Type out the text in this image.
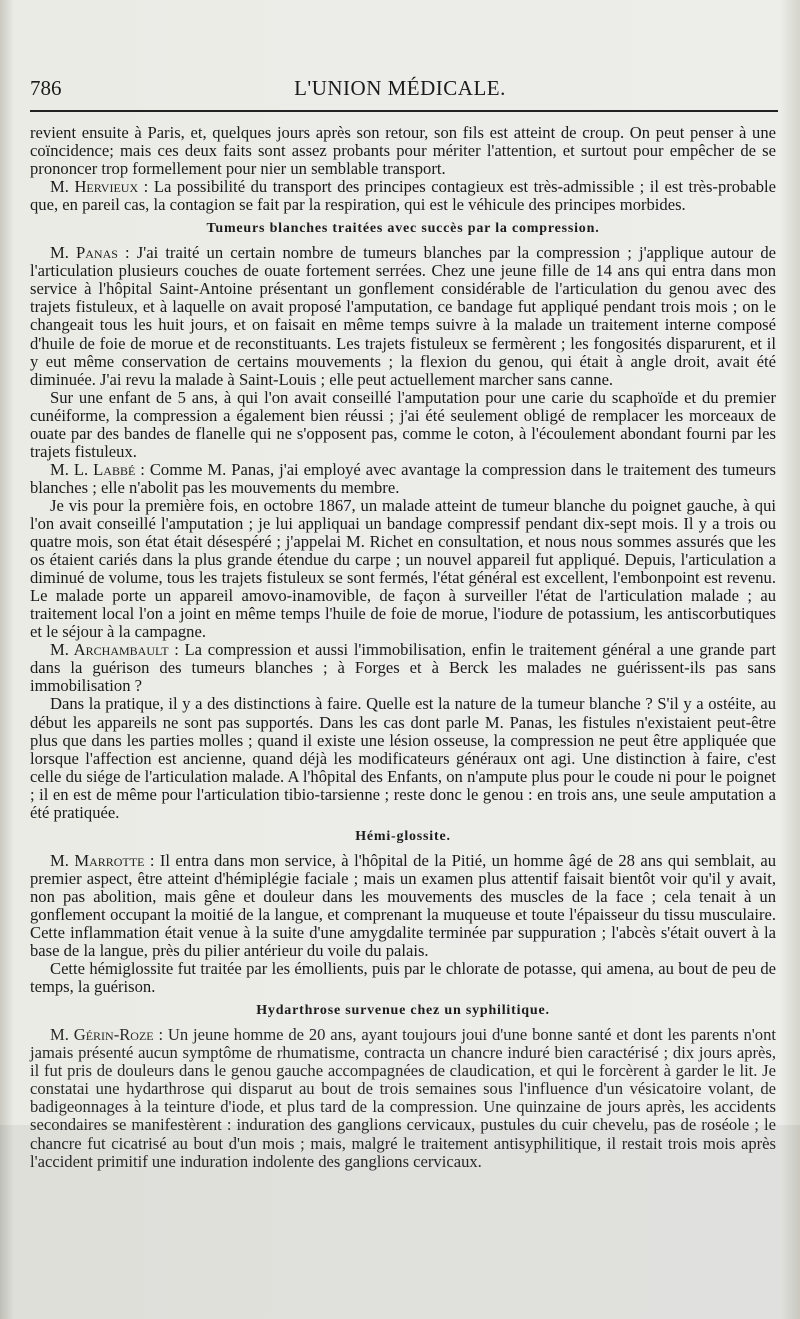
786	L'UNION MÉDICALE.

revient ensuite à Paris, et, quelques jours après son retour, son fils est atteint de croup. On peut penser à une coïncidence; mais ces deux faits sont assez probants pour mériter l'attention, et surtout pour empêcher de se prononcer trop formellement pour nier un semblable transport.

M. Hervieux : La possibilité du transport des principes contagieux est très-admissible ; il est très-probable que, en pareil cas, la contagion se fait par la respiration, qui est le véhicule des principes morbides.

Tumeurs blanches traitées avec succès par la compression.

M. Panas : J'ai traité un certain nombre de tumeurs blanches par la compression ; j'applique autour de l'articulation plusieurs couches de ouate fortement serrées. Chez une jeune fille de 14 ans qui entra dans mon service à l'hôpital Saint-Antoine présentant un gonflement considérable de l'articulation du genou avec des trajets fistuleux, et à laquelle on avait proposé l'amputation, ce bandage fut appliqué pendant trois mois ; on le changeait tous les huit jours, et on faisait en même temps suivre à la malade un traitement interne composé d'huile de foie de morue et de reconstituants. Les trajets fistuleux se fermèrent ; les fongosités disparurent, et il y eut même conservation de certains mouvements ; la flexion du genou, qui était à angle droit, avait été diminuée. J'ai revu la malade à Saint-Louis ; elle peut actuellement marcher sans canne.

Sur une enfant de 5 ans, à qui l'on avait conseillé l'amputation pour une carie du scaphoïde et du premier cunéiforme, la compression a également bien réussi ; j'ai été seulement obligé de remplacer les morceaux de ouate par des bandes de flanelle qui ne s'opposent pas, comme le coton, à l'écoulement abondant fourni par les trajets fistuleux.

M. L. Labbé : Comme M. Panas, j'ai employé avec avantage la compression dans le traitement des tumeurs blanches ; elle n'abolit pas les mouvements du membre.

Je vis pour la première fois, en octobre 1867, un malade atteint de tumeur blanche du poignet gauche, à qui l'on avait conseillé l'amputation ; je lui appliquai un bandage compressif pendant dix-sept mois. Il y a trois ou quatre mois, son état était désespéré ; j'appelai M. Richet en consultation, et nous nous sommes assurés que les os étaient cariés dans la plus grande étendue du carpe ; un nouvel appareil fut appliqué. Depuis, l'articulation a diminué de volume, tous les trajets fistuleux se sont fermés, l'état général est excellent, l'embonpoint est revenu. Le malade porte un appareil amovo-inamovible, de façon à surveiller l'état de l'articulation malade ; au traitement local l'on a joint en même temps l'huile de foie de morue, l'iodure de potassium, les antiscorbutiques et le séjour à la campagne.

M. Archambault : La compression et aussi l'immobilisation, enfin le traitement général a une grande part dans la guérison des tumeurs blanches ; à Forges et à Berck les malades ne guérissent-ils pas sans immobilisation ?

Dans la pratique, il y a des distinctions à faire. Quelle est la nature de la tumeur blanche ? S'il y a ostéite, au début les appareils ne sont pas supportés. Dans les cas dont parle M. Panas, les fistules n'existaient peut-être plus que dans les parties molles ; quand il existe une lésion osseuse, la compression ne peut être appliquée que lorsque l'affection est ancienne, quand déjà les modificateurs généraux ont agi. Une distinction à faire, c'est celle du siége de l'articulation malade. A l'hôpital des Enfants, on n'ampute plus pour le coude ni pour le poignet ; il en est de même pour l'articulation tibio-tarsienne ; reste donc le genou : en trois ans, une seule amputation a été pratiquée.

Hémi-glossite.

M. Marrotte : Il entra dans mon service, à l'hôpital de la Pitié, un homme âgé de 28 ans qui semblait, au premier aspect, être atteint d'hémiplégie faciale ; mais un examen plus attentif faisait bientôt voir qu'il y avait, non pas abolition, mais gêne et douleur dans les mouvements des muscles de la face ; cela tenait à un gonflement occupant la moitié de la langue, et comprenant la muqueuse et toute l'épaisseur du tissu musculaire. Cette inflammation était venue à la suite d'une amygdalite terminée par suppuration ; l'abcès s'était ouvert à la base de la langue, près du pilier antérieur du voile du palais.

Cette hémiglossite fut traitée par les émollients, puis par le chlorate de potasse, qui amena, au bout de peu de temps, la guérison.

Hydarthrose survenue chez un syphilitique.

M. Gérin-Roze : Un jeune homme de 20 ans, ayant toujours joui d'une bonne santé et dont les parents n'ont jamais présenté aucun symptôme de rhumatisme, contracta un chancre induré bien caractérisé ; dix jours après, il fut pris de douleurs dans le genou gauche accompagnées de claudication, et qui le forcèrent à garder le lit. Je constatai une hydarthrose qui disparut au bout de trois semaines sous l'influence d'un vésicatoire volant, de badigeonnages à la teinture d'iode, et plus tard de la compression. Une quinzaine de jours après, les accidents secondaires se manifestèrent : induration des ganglions cervicaux, pustules du cuir chevelu, pas de roséole ; le chancre fut cicatrisé au bout d'un mois ; mais, malgré le traitement antisyphilitique, il restait trois mois après l'accident primitif une induration indolente des ganglions cervicaux.
